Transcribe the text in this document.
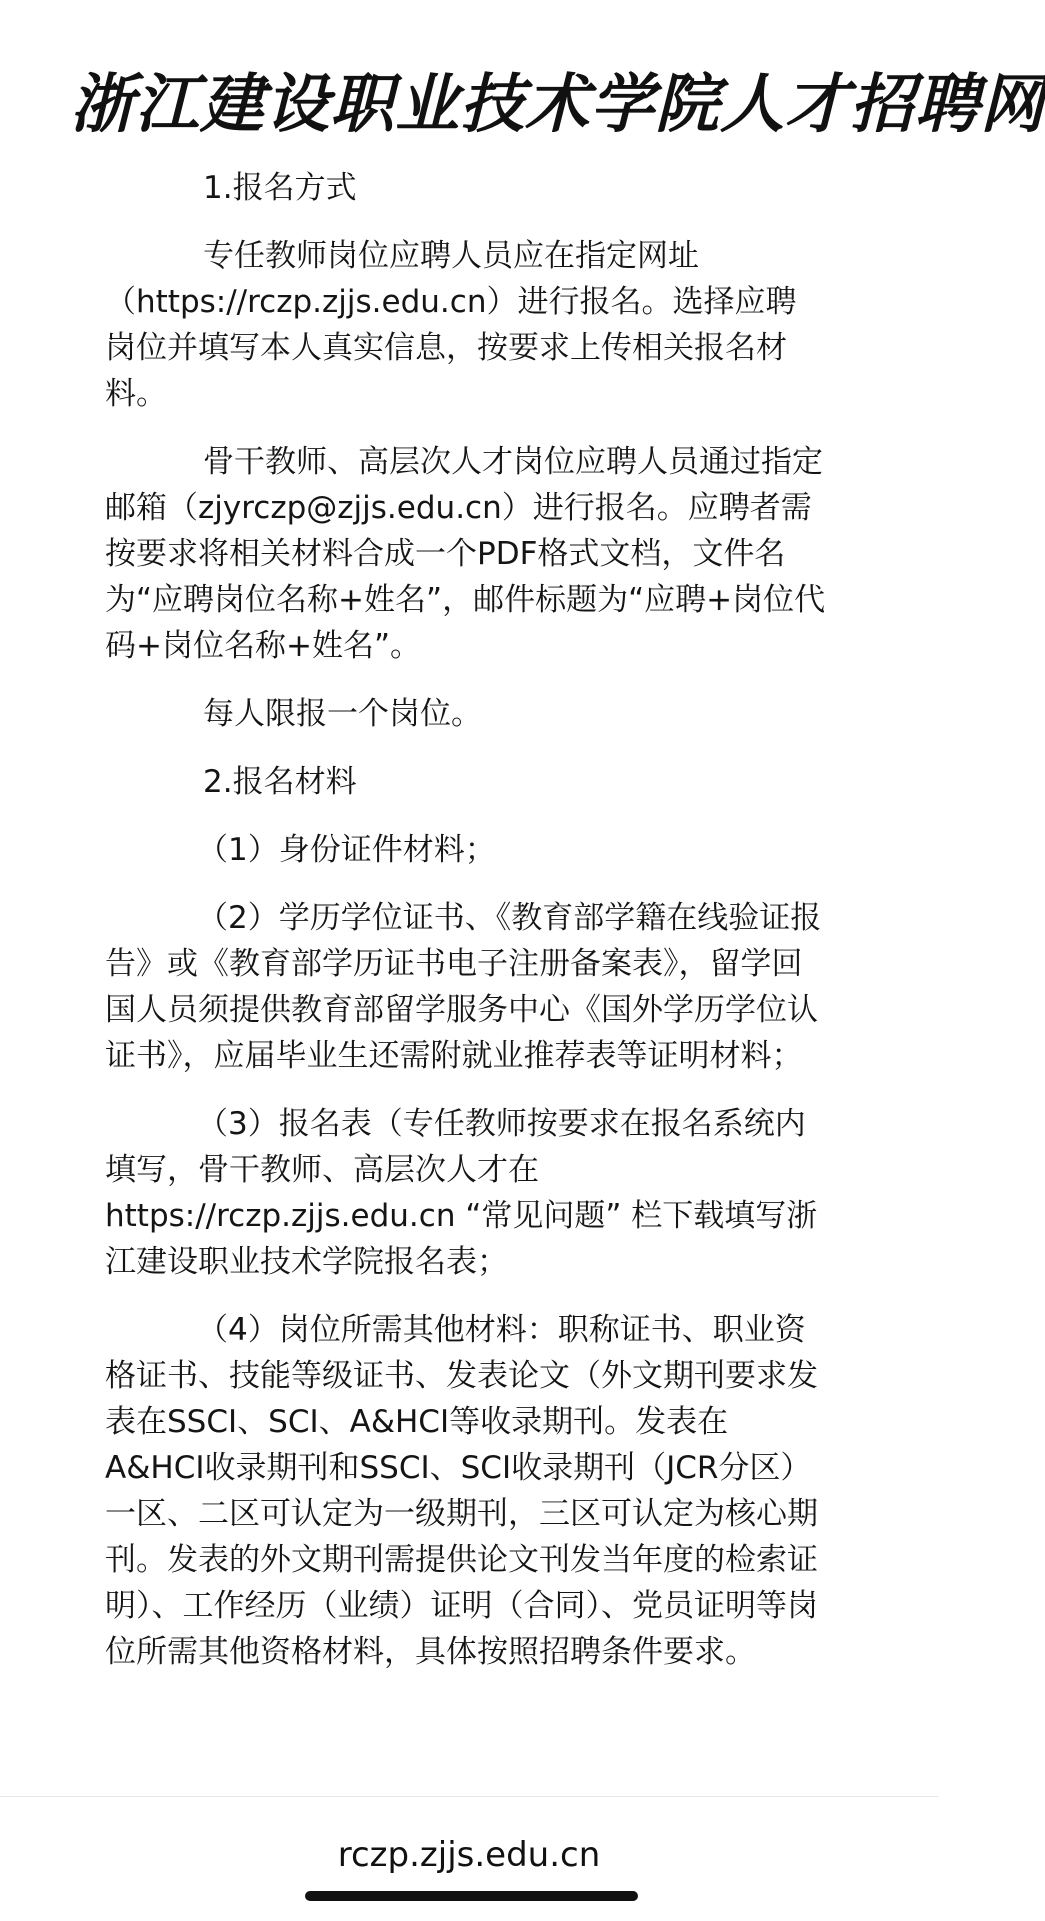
浙江建设职业技术学院人才招聘网

1.报名方式

专任教师岗位应聘人员应在指定网址（https://rczp.zjjs.edu.cn）进行报名。选择应聘岗位并填写本人真实信息，按要求上传相关报名材料。

骨干教师、高层次人才岗位应聘人员通过指定邮箱（zjyrczp@zjjs.edu.cn）进行报名。应聘者需按要求将相关材料合成一个PDF格式文档，文件名为“应聘岗位名称+姓名”，邮件标题为“应聘+岗位代码+岗位名称+姓名”。

每人限报一个岗位。

2.报名材料

（1）身份证件材料；

（2）学历学位证书、《教育部学籍在线验证报告》或《教育部学历证书电子注册备案表》，留学回国人员须提供教育部留学服务中心《国外学历学位认证书》，应届毕业生还需附就业推荐表等证明材料；

（3）报名表（专任教师按要求在报名系统内填写，骨干教师、高层次人才在 https://rczp.zjjs.edu.cn “常见问题” 栏下载填写浙江建设职业技术学院报名表；

（4）岗位所需其他材料：职称证书、职业资格证书、技能等级证书、发表论文（外文期刊要求发表在SSCI、SCI、A&HCI等收录期刊。发表在A&HCI收录期刊和SSCI、SCI收录期刊（JCR分区）一区、二区可认定为一级期刊，三区可认定为核心期刊。发表的外文期刊需提供论文刊发当年度的检索证明）、工作经历（业绩）证明（合同）、党员证明等岗位所需其他资格材料，具体按照招聘条件要求。

rczp.zjjs.edu.cn
